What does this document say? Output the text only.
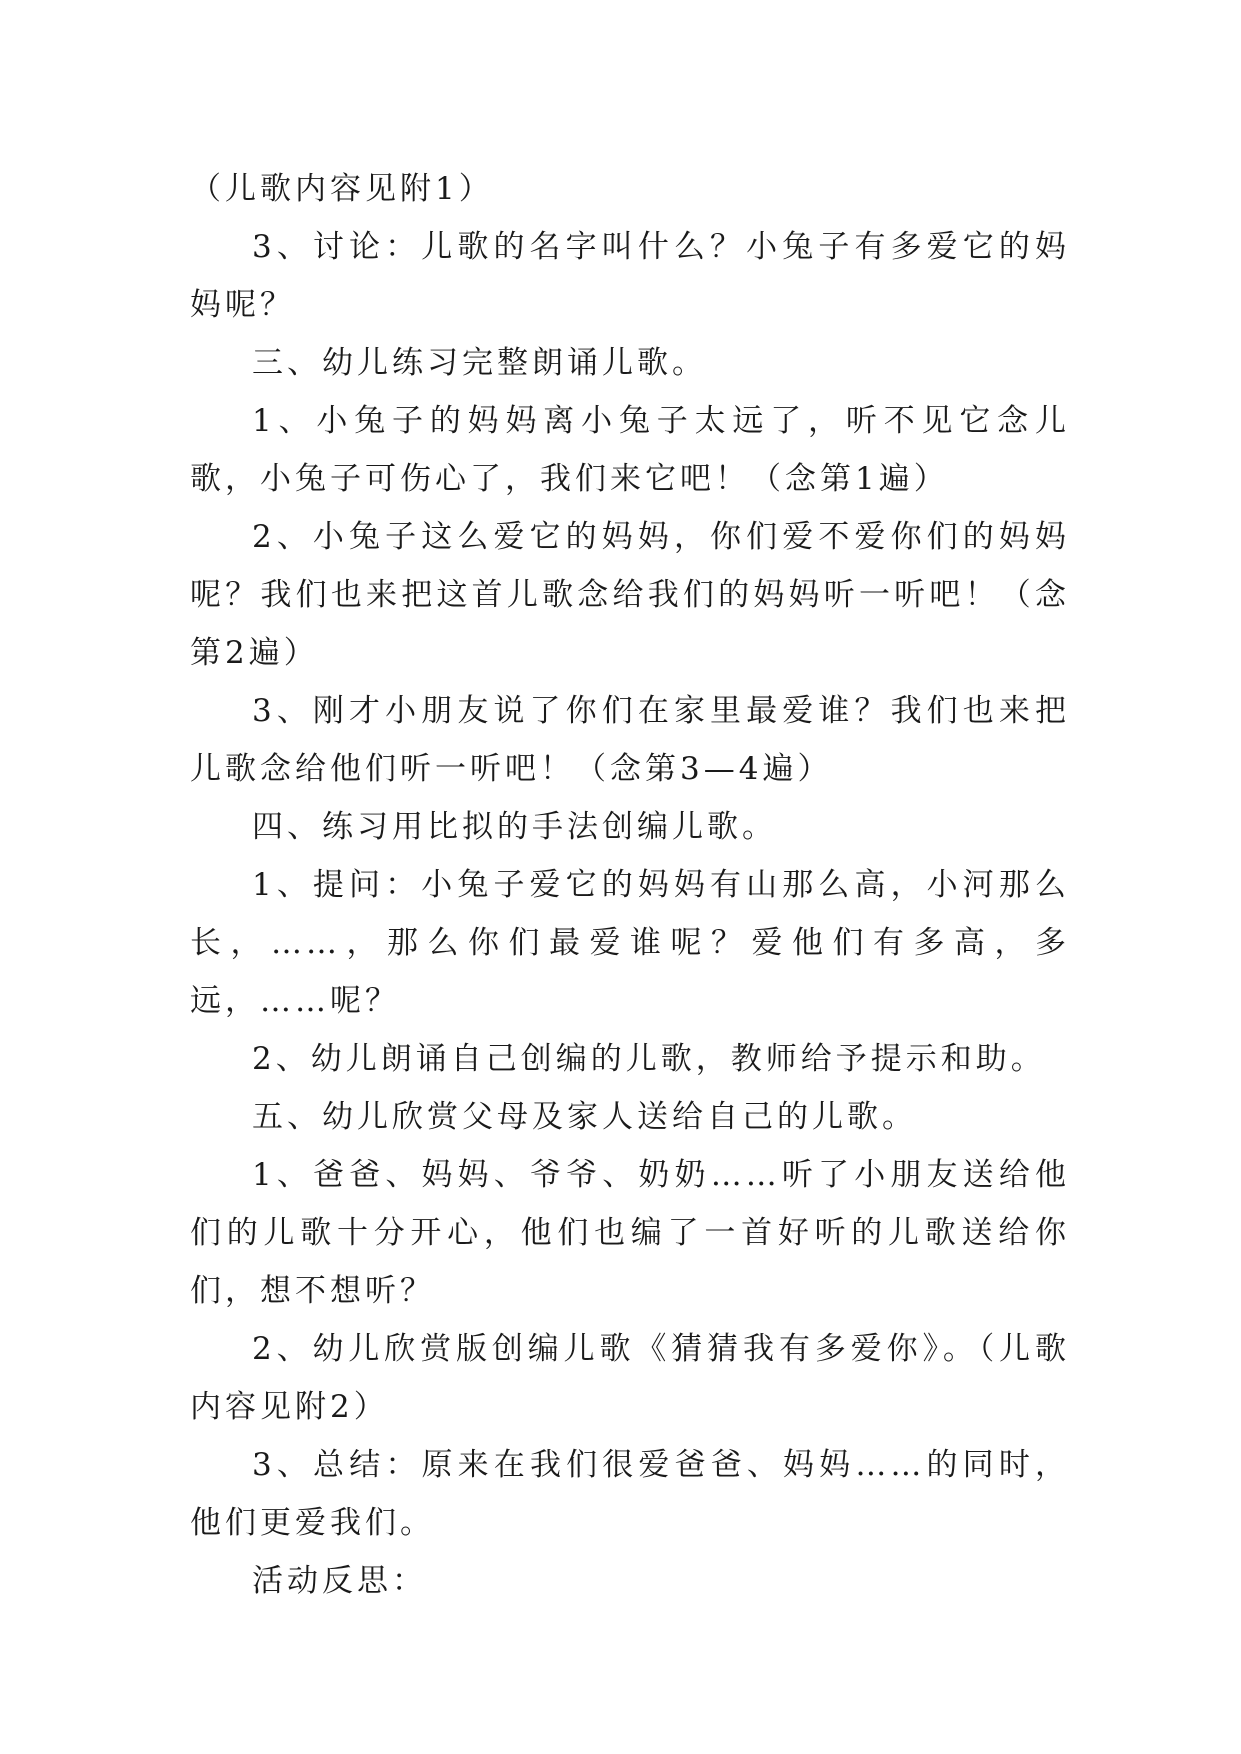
（儿歌内容见附1）

3、讨论：儿歌的名字叫什么？小兔子有多爱它的妈妈呢？

三、幼儿练习完整朗诵儿歌。

1、小兔子的妈妈离小兔子太远了，听不见它念儿歌，小兔子可伤心了，我们来它吧！（念第1遍）

2、小兔子这么爱它的妈妈，你们爱不爱你们的妈妈呢？我们也来把这首儿歌念给我们的妈妈听一听吧！（念第2遍）

3、刚才小朋友说了你们在家里最爱谁？我们也来把儿歌念给他们听一听吧！（念第3—4遍）

四、练习用比拟的手法创编儿歌。

1、提问：小兔子爱它的妈妈有山那么高，小河那么长，……，那么你们最爱谁呢？爱他们有多高，多远，……呢？

2、幼儿朗诵自己创编的儿歌，教师给予提示和助。

五、幼儿欣赏父母及家人送给自己的儿歌。

1、爸爸、妈妈、爷爷、奶奶……听了小朋友送给他们的儿歌十分开心，他们也编了一首好听的儿歌送给你们，想不想听？

2、幼儿欣赏版创编儿歌《猜猜我有多爱你》。（儿歌内容见附2）

3、总结：原来在我们很爱爸爸、妈妈……的同时，他们更爱我们。

活动反思：
